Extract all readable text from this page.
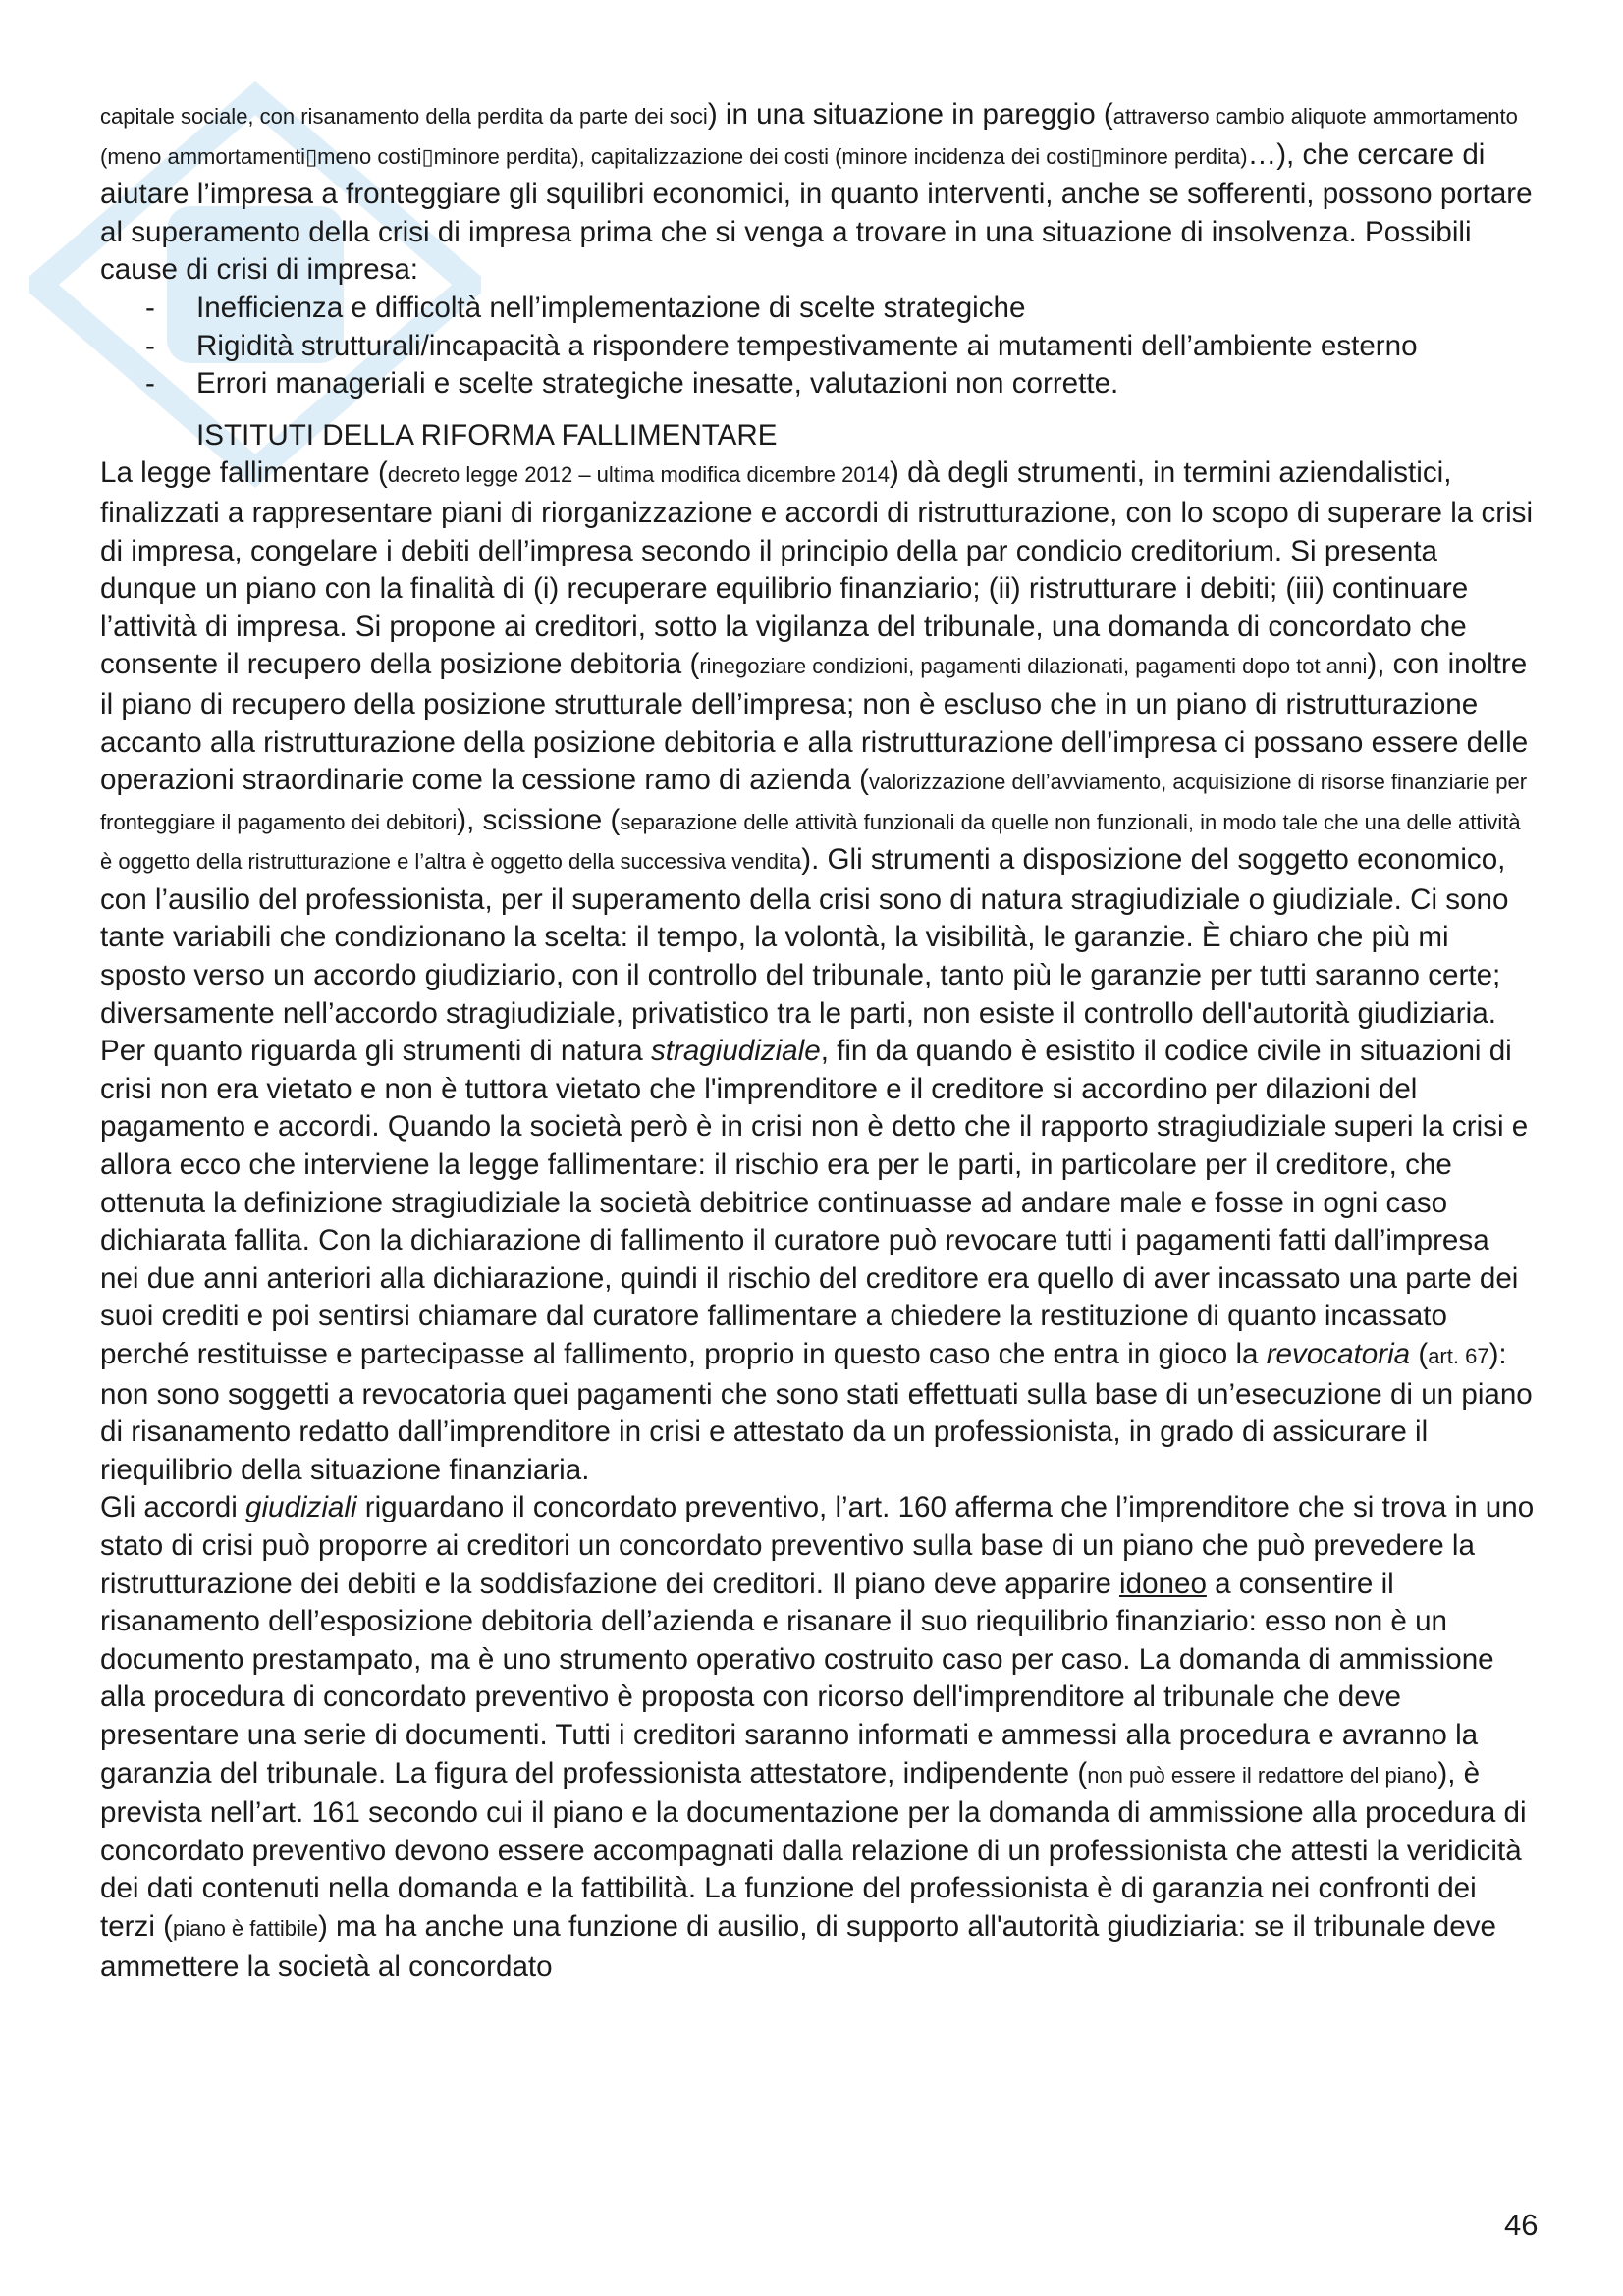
capitale sociale, con risanamento della perdita da parte dei soci) in una situazione in pareggio (attraverso cambio aliquote ammortamento (meno ammortamenti▯meno costi▯minore perdita), capitalizzazione dei costi (minore incidenza dei costi▯minore perdita)…), che cercare di aiutare l’impresa a fronteggiare gli squilibri economici, in quanto interventi, anche se sofferenti, possono portare al superamento della crisi di impresa prima che si venga a trovare in una situazione di insolvenza. Possibili cause di crisi di impresa:

- Inefficienza e difficoltà nell’implementazione di scelte strategiche
- Rigidità strutturali/incapacità a rispondere tempestivamente ai mutamenti dell’ambiente esterno
- Errori manageriali e scelte strategiche inesatte, valutazioni non corrette.
ISTITUTI DELLA RIFORMA FALLIMENTARE

La legge fallimentare (decreto legge 2012 – ultima modifica dicembre 2014) dà degli strumenti, in termini aziendalistici, finalizzati a rappresentare piani di riorganizzazione e accordi di ristrutturazione, con lo scopo di superare la crisi di impresa, congelare i debiti dell’impresa secondo il principio della par condicio creditorium. Si presenta dunque un piano con la finalità di (i) recuperare equilibrio finanziario; (ii) ristrutturare i debiti; (iii) continuare l’attività di impresa. Si propone ai creditori, sotto la vigilanza del tribunale, una domanda di concordato che consente il recupero della posizione debitoria (rinegoziare condizioni, pagamenti dilazionati, pagamenti dopo tot anni), con inoltre il piano di recupero della posizione strutturale dell’impresa; non è escluso che in un piano di ristrutturazione accanto alla ristrutturazione della posizione debitoria e alla ristrutturazione dell’impresa ci possano essere delle operazioni straordinarie come la cessione ramo di azienda (valorizzazione dell’avviamento, acquisizione di risorse finanziarie per fronteggiare il pagamento dei debitori), scissione (separazione delle attività funzionali da quelle non funzionali, in modo tale che una delle attività è oggetto della ristrutturazione e l’altra è oggetto della successiva vendita). Gli strumenti a disposizione del soggetto economico, con l’ausilio del professionista, per il superamento della crisi sono di natura stragiudiziale o giudiziale. Ci sono tante variabili che condizionano la scelta: il tempo, la volontà, la visibilità, le garanzie. È chiaro che più mi sposto verso un accordo giudiziario, con il controllo del tribunale, tanto più le garanzie per tutti saranno certe; diversamente nell’accordo stragiudiziale, privatistico tra le parti, non esiste il controllo dell'autorità giudiziaria.

Per quanto riguarda gli strumenti di natura stragiudiziale, fin da quando è esistito il codice civile in situazioni di crisi non era vietato e non è tuttora vietato che l'imprenditore e il creditore si accordino per dilazioni del pagamento e accordi. Quando la società però è in crisi non è detto che il rapporto stragiudiziale superi la crisi e allora ecco che interviene la legge fallimentare: il rischio era per le parti, in particolare per il creditore, che ottenuta la definizione stragiudiziale la società debitrice continuasse ad andare male e fosse in ogni caso dichiarata fallita. Con la dichiarazione di fallimento il curatore può revocare tutti i pagamenti fatti dall’impresa nei due anni anteriori alla dichiarazione, quindi il rischio del creditore era quello di aver incassato una parte dei suoi crediti e poi sentirsi chiamare dal curatore fallimentare a chiedere la restituzione di quanto incassato perché restituisse e partecipasse al fallimento, proprio in questo caso che entra in gioco la revocatoria (art. 67): non sono soggetti a revocatoria quei pagamenti che sono stati effettuati sulla base di un’esecuzione di un piano di risanamento redatto dall’imprenditore in crisi e attestato da un professionista, in grado di assicurare il riequilibrio della situazione finanziaria.

Gli accordi giudiziali riguardano il concordato preventivo, l’art. 160 afferma che l’imprenditore che si trova in uno stato di crisi può proporre ai creditori un concordato preventivo sulla base di un piano che può prevedere la ristrutturazione dei debiti e la soddisfazione dei creditori. Il piano deve apparire idoneo a consentire il risanamento dell’esposizione debitoria dell’azienda e risanare il suo riequilibrio finanziario: esso non è un documento prestampato, ma è uno strumento operativo costruito caso per caso. La domanda di ammissione alla procedura di concordato preventivo è proposta con ricorso dell'imprenditore al tribunale che deve presentare una serie di documenti. Tutti i creditori saranno informati e ammessi alla procedura e avranno la garanzia del tribunale. La figura del professionista attestatore, indipendente (non può essere il redattore del piano), è prevista nell’art. 161 secondo cui il piano e la documentazione per la domanda di ammissione alla procedura di concordato preventivo devono essere accompagnati dalla relazione di un professionista che attesti la veridicità dei dati contenuti nella domanda e la fattibilità. La funzione del professionista è di garanzia nei confronti dei terzi (piano è fattibile) ma ha anche una funzione di ausilio, di supporto all'autorità giudiziaria: se il tribunale deve ammettere la società al concordato

46
